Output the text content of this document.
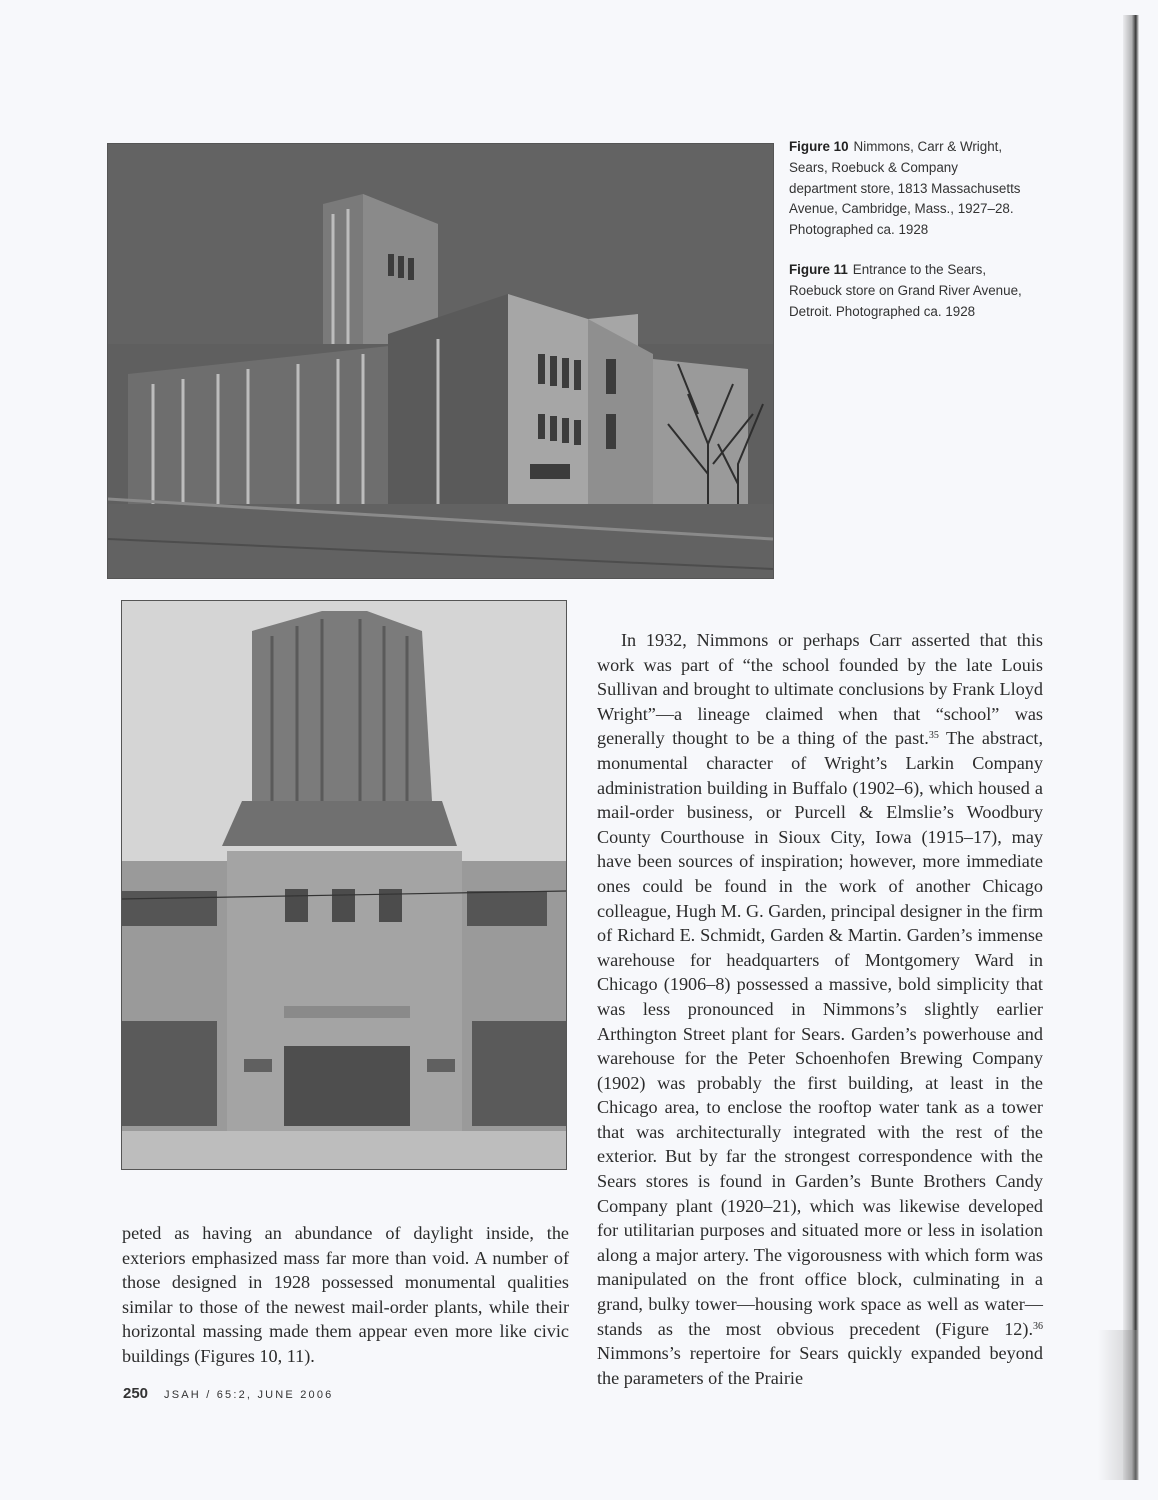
Figure 10 Nimmons, Carr & Wright, Sears, Roebuck & Company department store, 1813 Massachusetts Avenue, Cambridge, Mass., 1927–28. Photographed ca. 1928
Figure 11 Entrance to the Sears, Roebuck store on Grand River Avenue, Detroit. Photographed ca. 1928

peted as having an abundance of daylight inside, the exteriors emphasized mass far more than void. A number of those designed in 1928 possessed monumental qualities similar to those of the newest mail-order plants, while their horizontal massing made them appear even more like civic buildings (Figures 10, 11).

In 1932, Nimmons or perhaps Carr asserted that this work was part of “the school founded by the late Louis Sullivan and brought to ultimate conclusions by Frank Lloyd Wright”—a lineage claimed when that “school” was generally thought to be a thing of the past.$^{35}$ The abstract, monumental character of Wright’s Larkin Company administration building in Buffalo (1902–6), which housed a mail-order business, or Purcell & Elmslie’s Woodbury County Courthouse in Sioux City, Iowa (1915–17), may have been sources of inspiration; however, more immediate ones could be found in the work of another Chicago colleague, Hugh M. G. Garden, principal designer in the firm of Richard E. Schmidt, Garden & Martin. Garden’s immense warehouse for headquarters of Montgomery Ward in Chicago (1906–8) possessed a massive, bold simplicity that was less pronounced in Nimmons’s slightly earlier Arthington Street plant for Sears. Garden’s powerhouse and warehouse for the Peter Schoenhofen Brewing Company (1902) was probably the first building, at least in the Chicago area, to enclose the rooftop water tank as a tower that was architecturally integrated with the rest of the exterior. But by far the strongest correspondence with the Sears stores is found in Garden’s Bunte Brothers Candy Company plant (1920–21), which was likewise developed for utilitarian purposes and situated more or less in isolation along a major artery. The vigorousness with which form was manipulated on the front office block, culminating in a grand, bulky tower—housing work space as well as water—stands as the most obvious precedent (Figure 12).$^{36}$ Nimmons’s repertoire for Sears quickly expanded beyond the parameters of the Prairie

250 JSAH / 65:2, JUNE 2006
